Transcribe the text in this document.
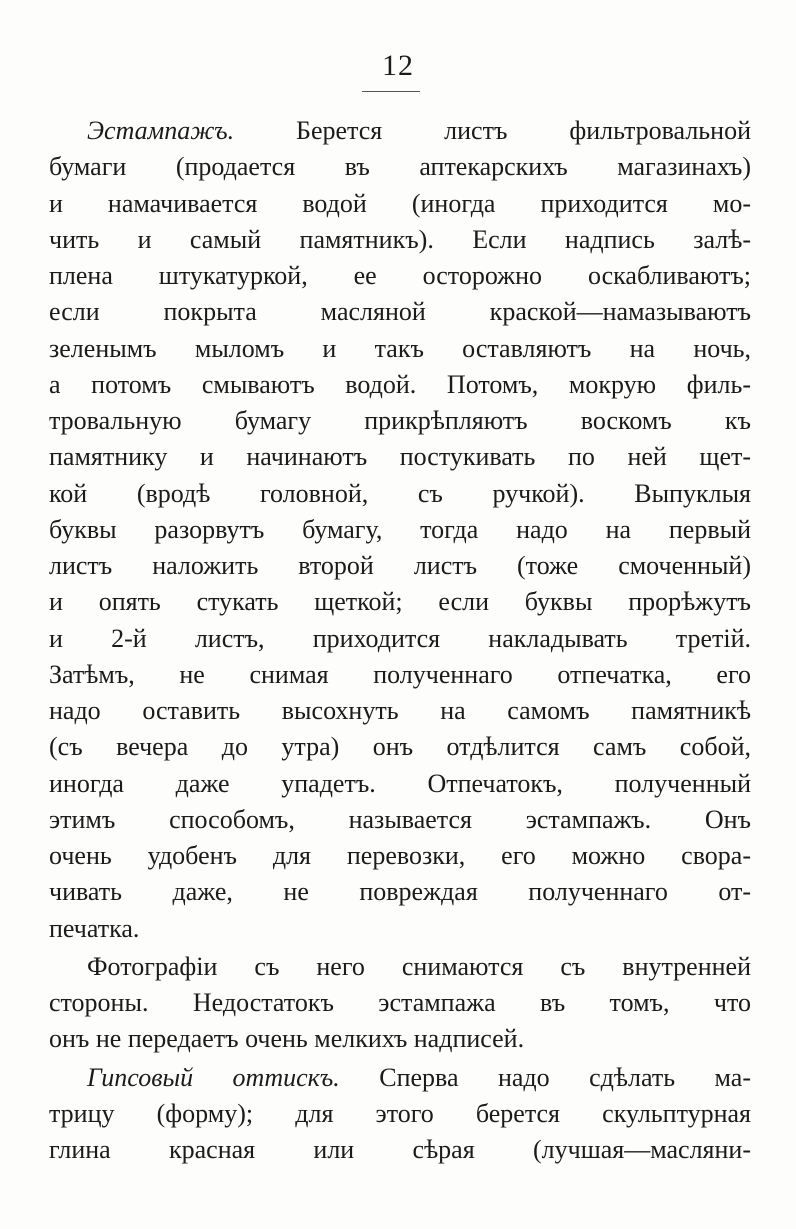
12
Эстампажъ. Берется листъ фильтровальной
бумаги (продается въ аптекарскихъ магазинахъ)
и намачивается водой (иногда приходится мо-
чить и самый памятникъ). Если надпись залѣ-
плена штукатуркой, ее осторожно оскабливаютъ;
если покрыта масляной краской—намазываютъ
зеленымъ мыломъ и такъ оставляютъ на ночь,
а потомъ смываютъ водой. Потомъ, мокрую филь-
тровальную бумагу прикрѣпляютъ воскомъ къ
памятнику и начинаютъ постукивать по ней щет-
кой (вродѣ головной, съ ручкой). Выпуклыя
буквы разорвутъ бумагу, тогда надо на первый
листъ наложить второй листъ (тоже смоченный)
и опять стукать щеткой; если буквы прорѣжутъ
и 2-й листъ, приходится накладывать третій.
Затѣмъ, не снимая полученнаго отпечатка, его
надо оставить высохнуть на самомъ памятникѣ
(съ вечера до утра) онъ отдѣлится самъ собой,
иногда даже упадетъ. Отпечатокъ, полученный
этимъ способомъ, называется эстампажъ. Онъ
очень удобенъ для перевозки, его можно свора-
чивать даже, не повреждая полученнаго от-
печатка.
Фотографіи съ него снимаются съ внутренней
стороны. Недостатокъ эстампажа въ томъ, что
онъ не передаетъ очень мелкихъ надписей.
Гипсовый оттискъ. Сперва надо сдѣлать ма-
трицу (форму); для этого берется скульптурная
глина красная или сѣрая (лучшая—масляни-
